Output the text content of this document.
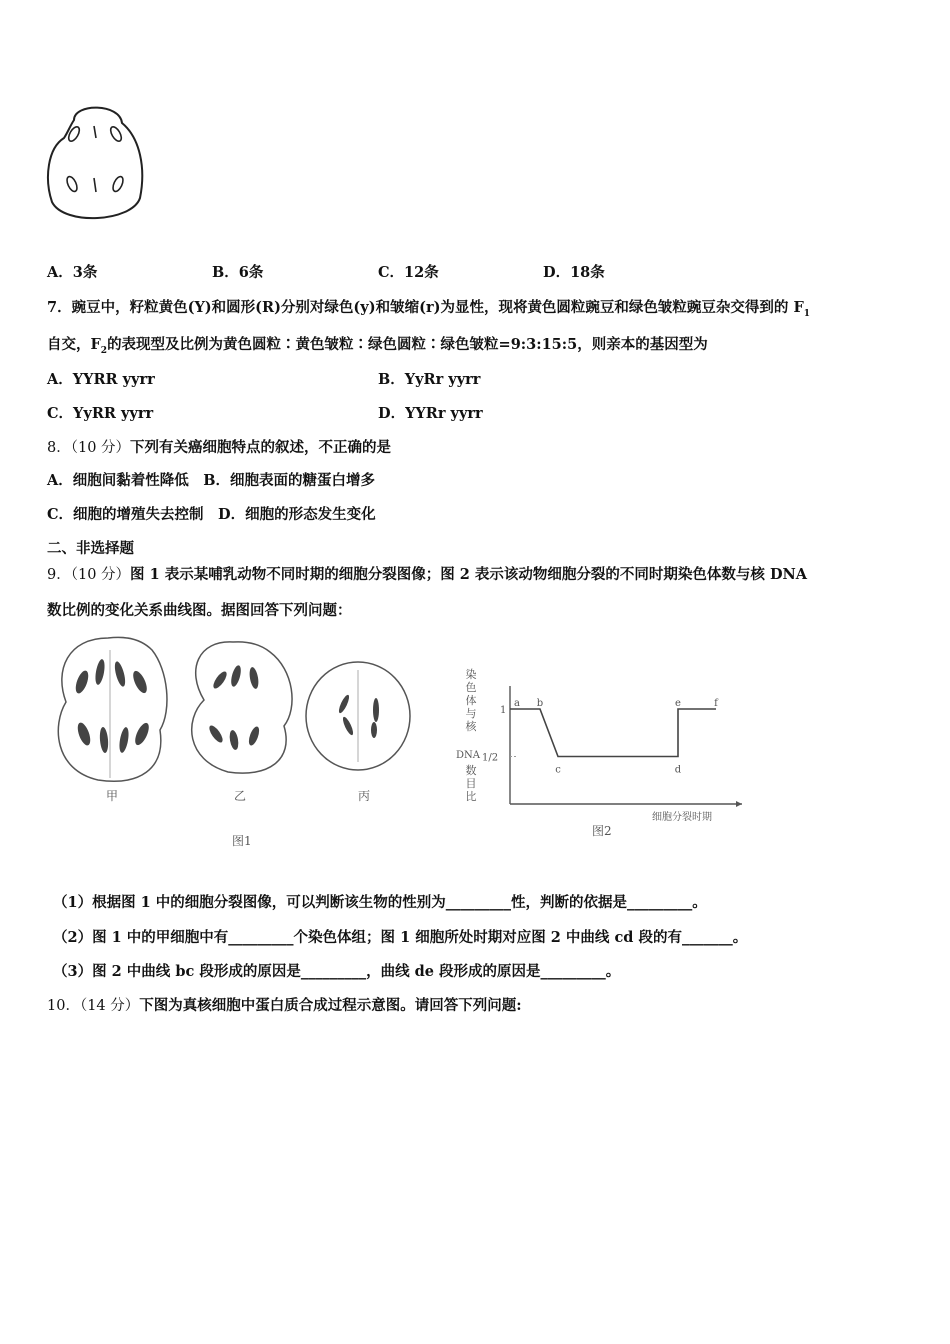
A．3条	B．6条	C．12条	D．18条
7．豌豆中，籽粒黄色(Y)和圆形(R)分别对绿色(y)和皱缩(r)为显性，现将黄色圆粒豌豆和绿色皱粒豌豆杂交得到的 $F_1$
自交，$F_2$的表现型及比例为黄色圆粒∶黄色皱粒∶绿色圆粒∶绿色皱粒=9:3:15:5，则亲本的基因型为
A．YYRR yyrr	B．YyRr yyrr
C．YyRR yyrr	D．YYRr yyrr
8．（10 分）下列有关癌细胞特点的叙述，不正确的是
A．细胞间黏着性降低　B．细胞表面的糖蛋白增多
C．细胞的增殖失去控制　D．细胞的形态发生变化
二、非选择题
9．（10 分）图 1 表示某哺乳动物不同时期的细胞分裂图像；图 2 表示该动物细胞分裂的不同时期染色体数与核 DNA
数比例的变化关系曲线图。据图回答下列问题：
甲	乙	丙
图1
染
色
体
与
核
DNA
数
目
比
1
1/2
a b
c	d
e	f
细胞分裂时期
图2
（1）根据图 1 中的细胞分裂图像，可以判断该生物的性别为_________性，判断的依据是_________。
（2）图 1 中的甲细胞中有_________个染色体组；图 1 细胞所处时期对应图 2 中曲线 cd 段的有_______。
（3）图 2 中曲线 bc 段形成的原因是_________，曲线 de 段形成的原因是_________。
10．（14 分）下图为真核细胞中蛋白质合成过程示意图。请回答下列问题:
